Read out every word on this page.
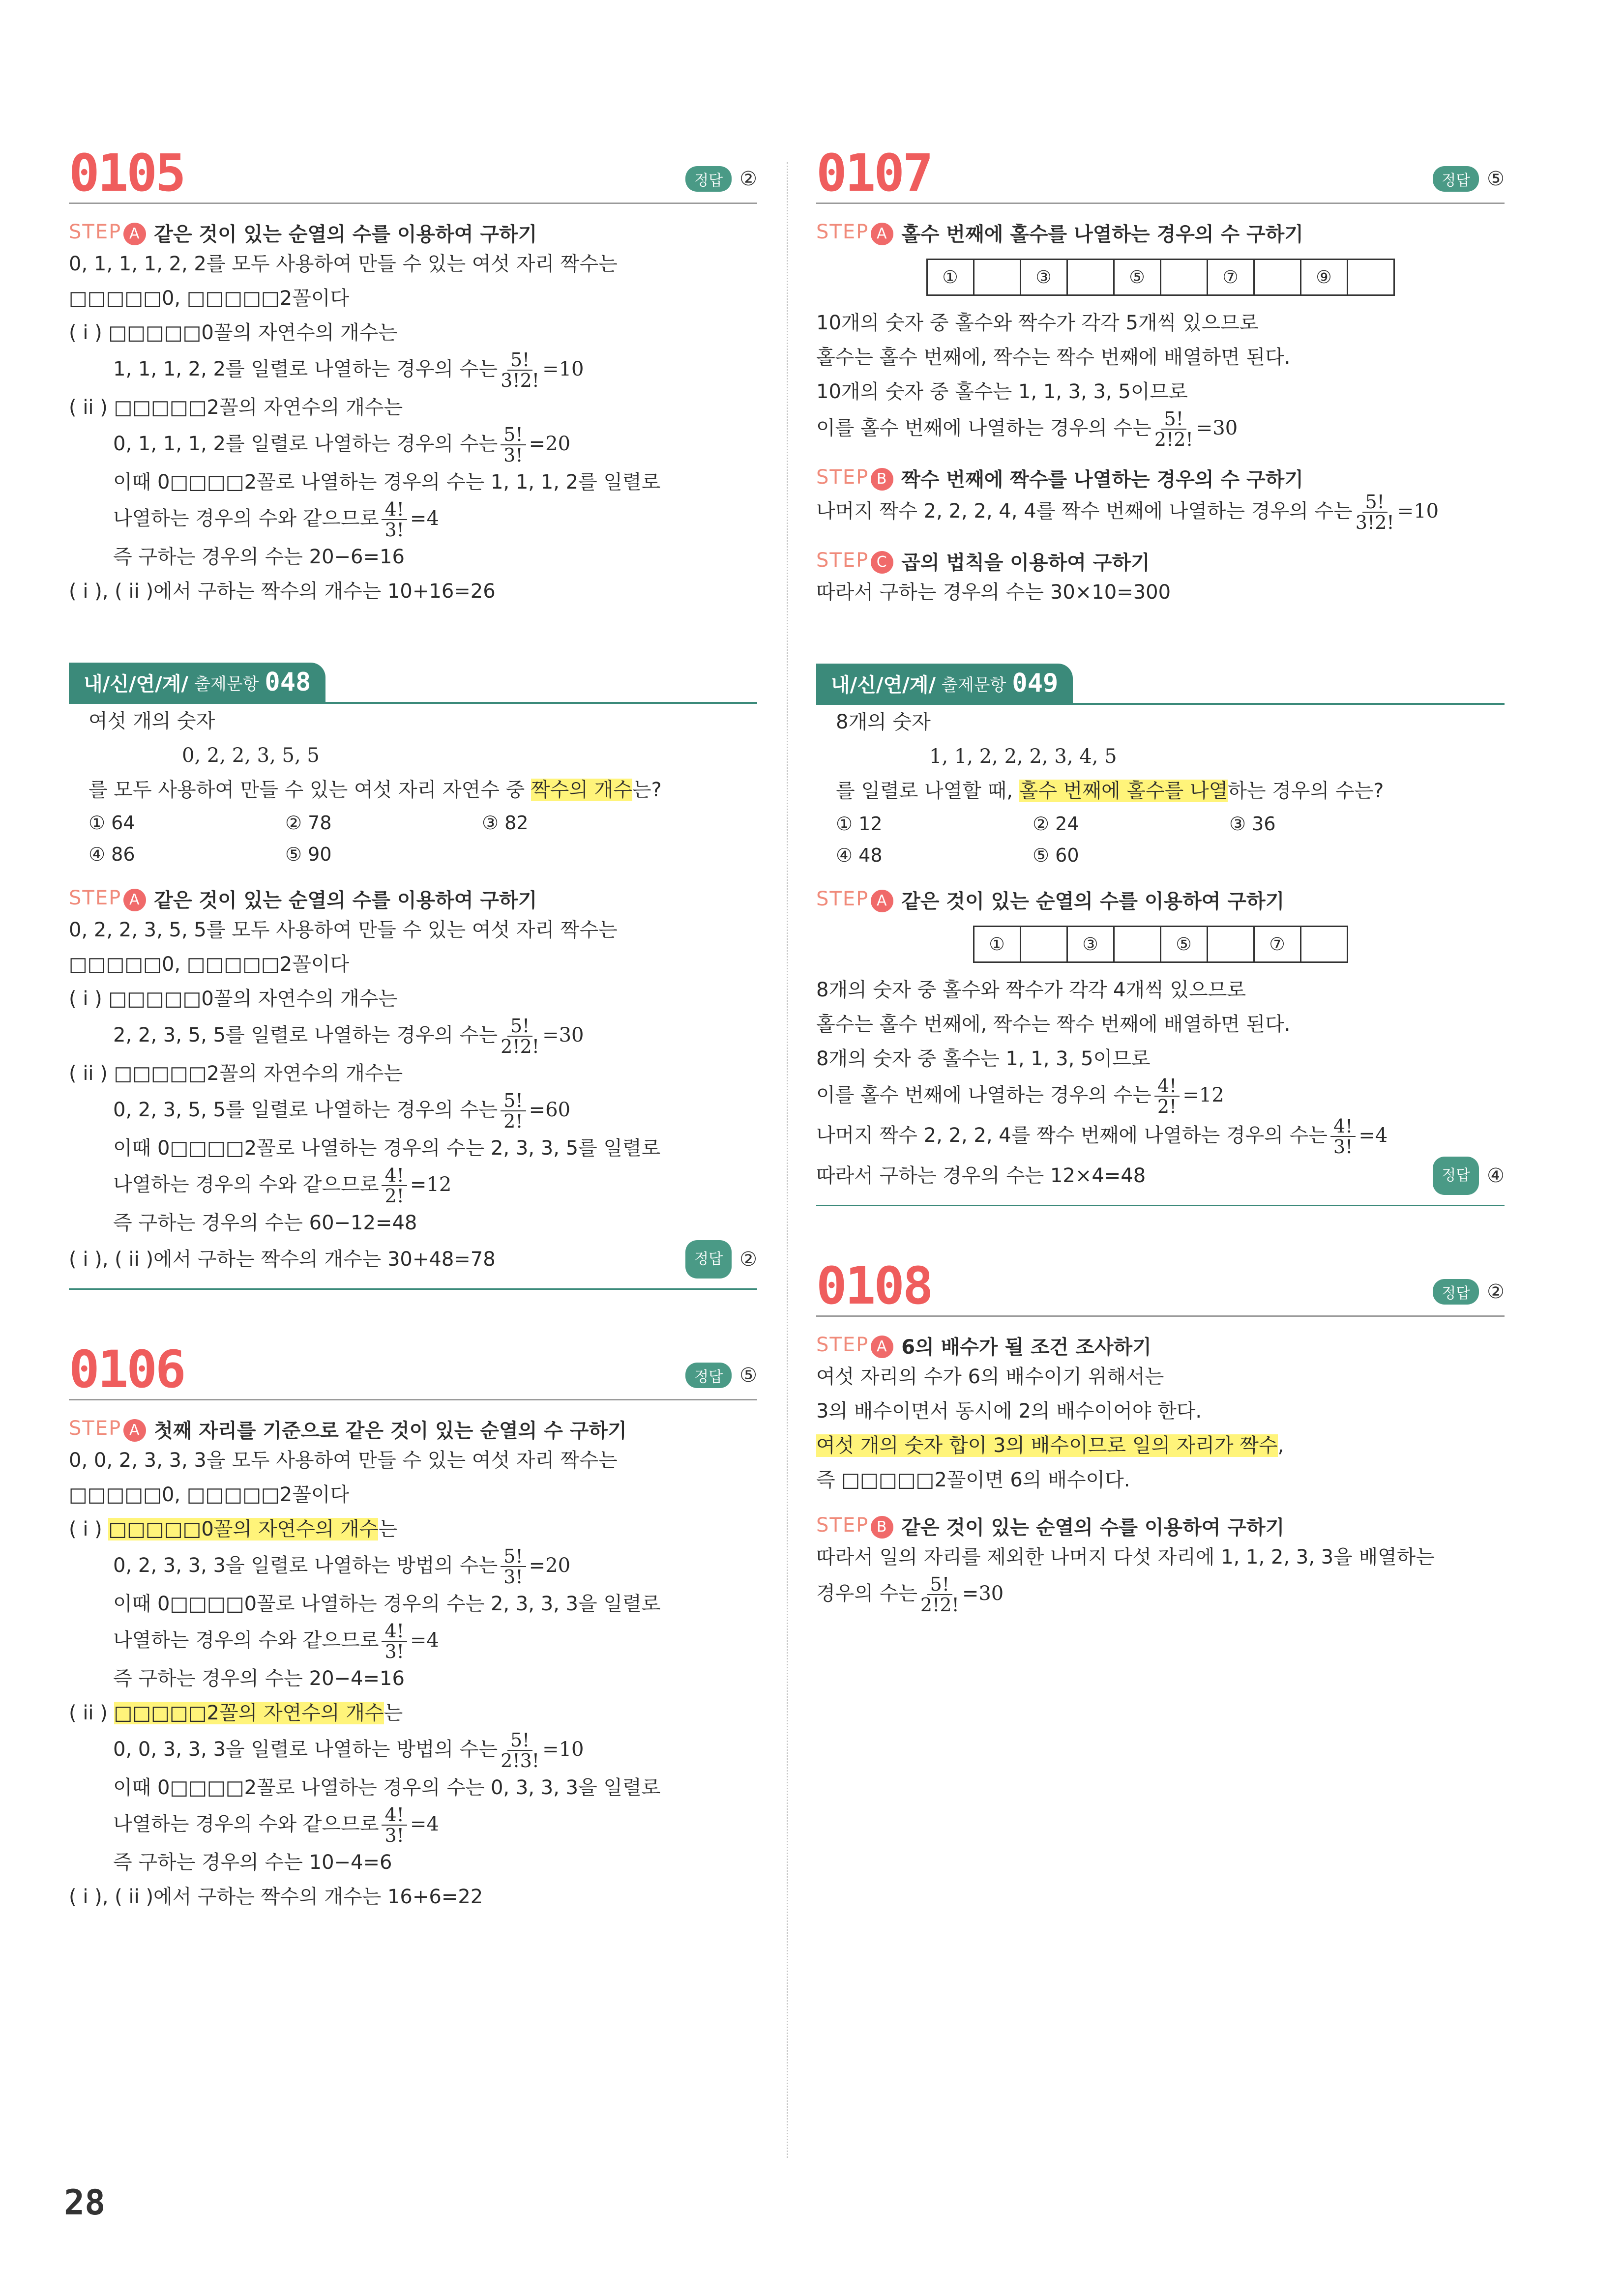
0105	정답 ②
STEP A 같은 것이 있는 순열의 수를 이용하여 구하기
0, 1, 1, 1, 2, 2를 모두 사용하여 만들 수 있는 여섯 자리 짝수는
□□□□□0, □□□□□2꼴이다
( i ) □□□□□0꼴의 자연수의 개수는
1, 1, 1, 2, 2를 일렬로 나열하는 경우의 수는 $\frac{5!}{3!2!} =10$
( ii ) □□□□□2꼴의 자연수의 개수는
0, 1, 1, 1, 2를 일렬로 나열하는 경우의 수는 $\frac{5!}{3!} =20$
이때 0□□□□2꼴로 나열하는 경우의 수는 1, 1, 1, 2를 일렬로
나열하는 경우의 수와 같으므로 $\frac{4!}{3!} =4$
즉 구하는 경우의 수는 20−6=16
( i ), ( ii )에서 구하는 짝수의 개수는 10+16=26
내/신/연/계/ 출제문항 048
여섯 개의 숫자
0, 2, 2, 3, 5, 5
를 모두 사용하여 만들 수 있는 여섯 자리 자연수 중 짝수의 개수는?
① 64	② 78	③ 82
④ 86	⑤ 90
STEP A 같은 것이 있는 순열의 수를 이용하여 구하기
0, 2, 2, 3, 5, 5를 모두 사용하여 만들 수 있는 여섯 자리 짝수는
□□□□□0, □□□□□2꼴이다
( i ) □□□□□0꼴의 자연수의 개수는
2, 2, 3, 5, 5를 일렬로 나열하는 경우의 수는 $\frac{5!}{2!2!} =30$
( ii ) □□□□□2꼴의 자연수의 개수는
0, 2, 3, 5, 5를 일렬로 나열하는 경우의 수는 $\frac{5!}{2!} =60$
이때 0□□□□2꼴로 나열하는 경우의 수는 2, 3, 3, 5를 일렬로
나열하는 경우의 수와 같으므로 $\frac{4!}{2!} =12$
즉 구하는 경우의 수는 60−12=48
( i ), ( ii )에서 구하는 짝수의 개수는 30+48=78	정답 ②
0106	정답 ⑤
STEP A 첫째 자리를 기준으로 같은 것이 있는 순열의 수 구하기
0, 0, 2, 3, 3, 3을 모두 사용하여 만들 수 있는 여섯 자리 짝수는
□□□□□0, □□□□□2꼴이다
( i ) □□□□□0꼴의 자연수의 개수는
0, 2, 3, 3, 3을 일렬로 나열하는 방법의 수는 $\frac{5!}{3!} =20$
이때 0□□□□0꼴로 나열하는 경우의 수는 2, 3, 3, 3을 일렬로
나열하는 경우의 수와 같으므로 $\frac{4!}{3!} =4$
즉 구하는 경우의 수는 20−4=16
( ii ) □□□□□2꼴의 자연수의 개수는
0, 0, 3, 3, 3을 일렬로 나열하는 방법의 수는 $\frac{5!}{2!3!} =10$
이때 0□□□□2꼴로 나열하는 경우의 수는 0, 3, 3, 3을 일렬로
나열하는 경우의 수와 같으므로 $\frac{4!}{3!} =4$
즉 구하는 경우의 수는 10−4=6
( i ), ( ii )에서 구하는 짝수의 개수는 16+6=22
0107	정답 ⑤
STEP A 홀수 번째에 홀수를 나열하는 경우의 수 구하기
①	③	⑤	⑦	⑨
10개의 숫자 중 홀수와 짝수가 각각 5개씩 있으므로
홀수는 홀수 번째에, 짝수는 짝수 번째에 배열하면 된다.
10개의 숫자 중 홀수는 1, 1, 3, 3, 5이므로
이를 홀수 번째에 나열하는 경우의 수는 $\frac{5!}{2!2!} =30$
STEP B 짝수 번째에 짝수를 나열하는 경우의 수 구하기
나머지 짝수 2, 2, 2, 4, 4를 짝수 번째에 나열하는 경우의 수는 $\frac{5!}{3!2!} =10$
STEP C 곱의 법칙을 이용하여 구하기
따라서 구하는 경우의 수는 30×10=300
내/신/연/계/ 출제문항 049
8개의 숫자
1, 1, 2, 2, 2, 3, 4, 5
를 일렬로 나열할 때, 홀수 번째에 홀수를 나열하는 경우의 수는?
① 12	② 24	③ 36
④ 48	⑤ 60
STEP A 같은 것이 있는 순열의 수를 이용하여 구하기
①	③	⑤	⑦
8개의 숫자 중 홀수와 짝수가 각각 4개씩 있으므로
홀수는 홀수 번째에, 짝수는 짝수 번째에 배열하면 된다.
8개의 숫자 중 홀수는 1, 1, 3, 5이므로
이를 홀수 번째에 나열하는 경우의 수는 $\frac{4!}{2!} =12$
나머지 짝수 2, 2, 2, 4를 짝수 번째에 나열하는 경우의 수는 $\frac{4!}{3!} =4$
따라서 구하는 경우의 수는 12×4=48	정답 ④
0108	정답 ②
STEP A 6의 배수가 될 조건 조사하기
여섯 자리의 수가 6의 배수이기 위해서는
3의 배수이면서 동시에 2의 배수이어야 한다.
여섯 개의 숫자 합이 3의 배수이므로 일의 자리가 짝수,
즉 □□□□□2꼴이면 6의 배수이다.
STEP B 같은 것이 있는 순열의 수를 이용하여 구하기
따라서 일의 자리를 제외한 나머지 다섯 자리에 1, 1, 2, 3, 3을 배열하는
경우의 수는 $\frac{5!}{2!2!} =30$
28
